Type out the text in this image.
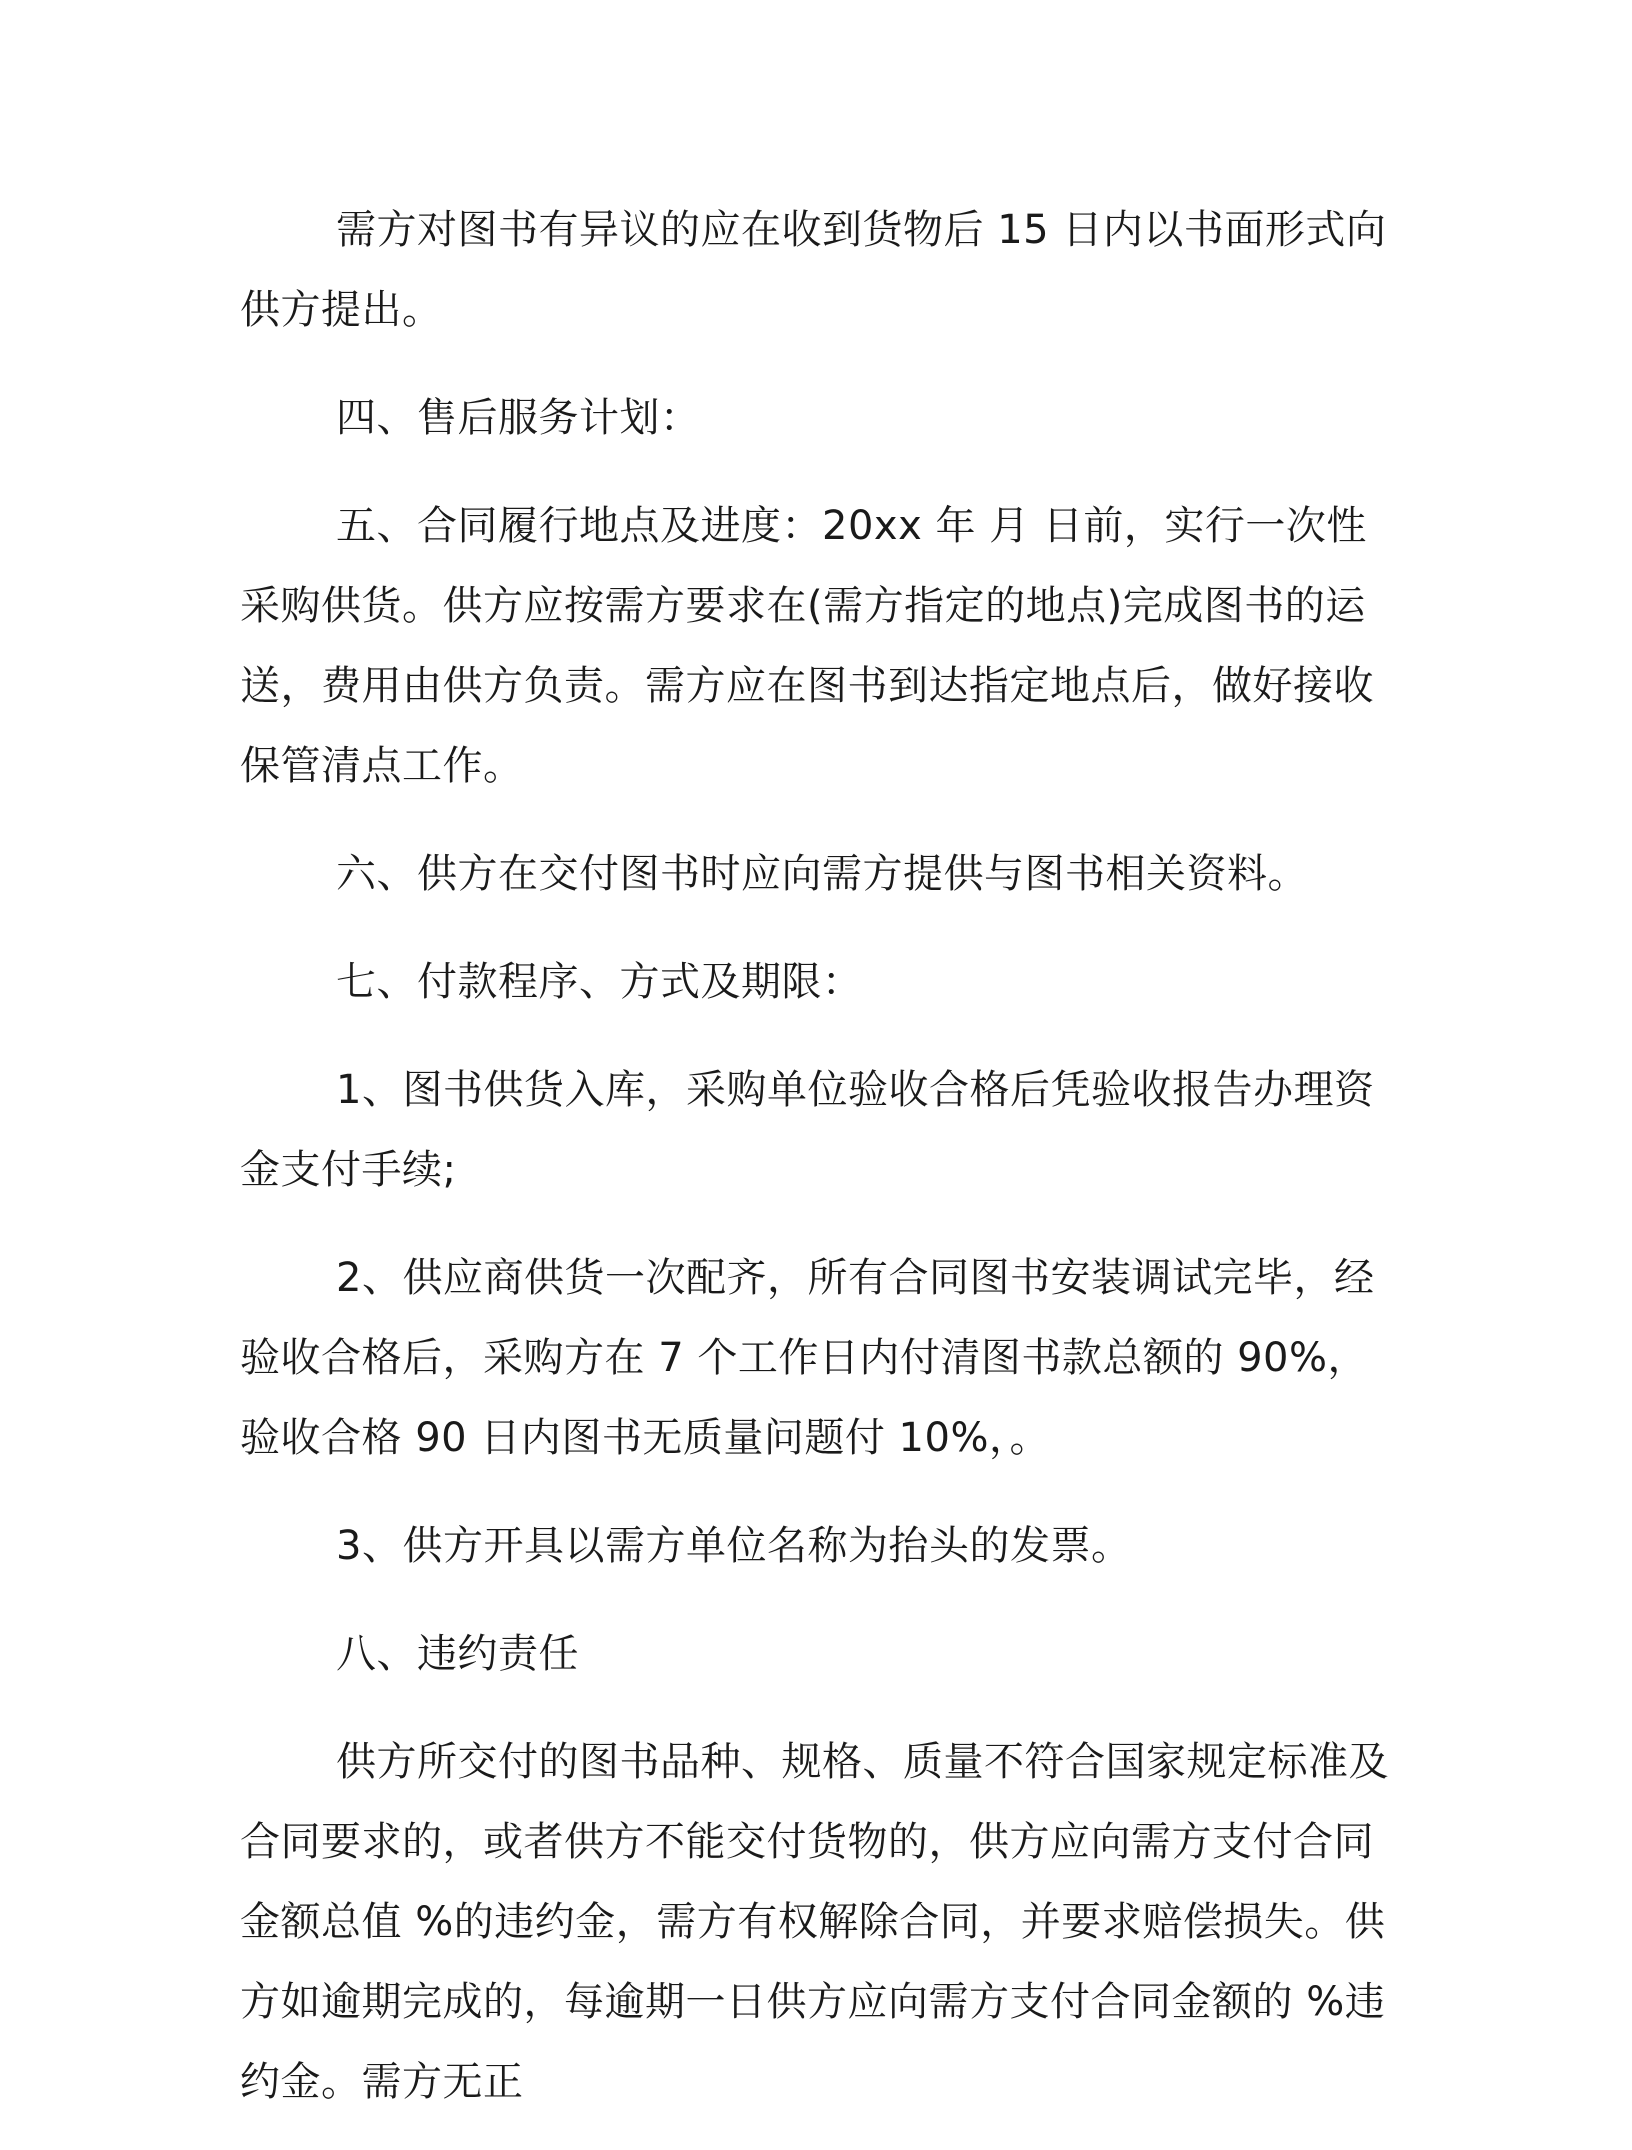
需方对图书有异议的应在收到货物后 15 日内以书面形式向供方提出。

四、售后服务计划：

五、合同履行地点及进度：20xx 年 月 日前，实行一次性采购供货。供方应按需方要求在(需方指定的地点)完成图书的运送，费用由供方负责。需方应在图书到达指定地点后，做好接收保管清点工作。

六、供方在交付图书时应向需方提供与图书相关资料。

七、付款程序、方式及期限：

1、图书供货入库，采购单位验收合格后凭验收报告办理资金支付手续;

2、供应商供货一次配齐，所有合同图书安装调试完毕，经验收合格后，采购方在 7 个工作日内付清图书款总额的 90%，验收合格 90 日内图书无质量问题付 10%，。

3、供方开具以需方单位名称为抬头的发票。

八、违约责任

供方所交付的图书品种、规格、质量不符合国家规定标准及合同要求的，或者供方不能交付货物的，供方应向需方支付合同金额总值 %的违约金，需方有权解除合同，并要求赔偿损失。供方如逾期完成的，每逾期一日供方应向需方支付合同金额的 %违约金。需方无正
